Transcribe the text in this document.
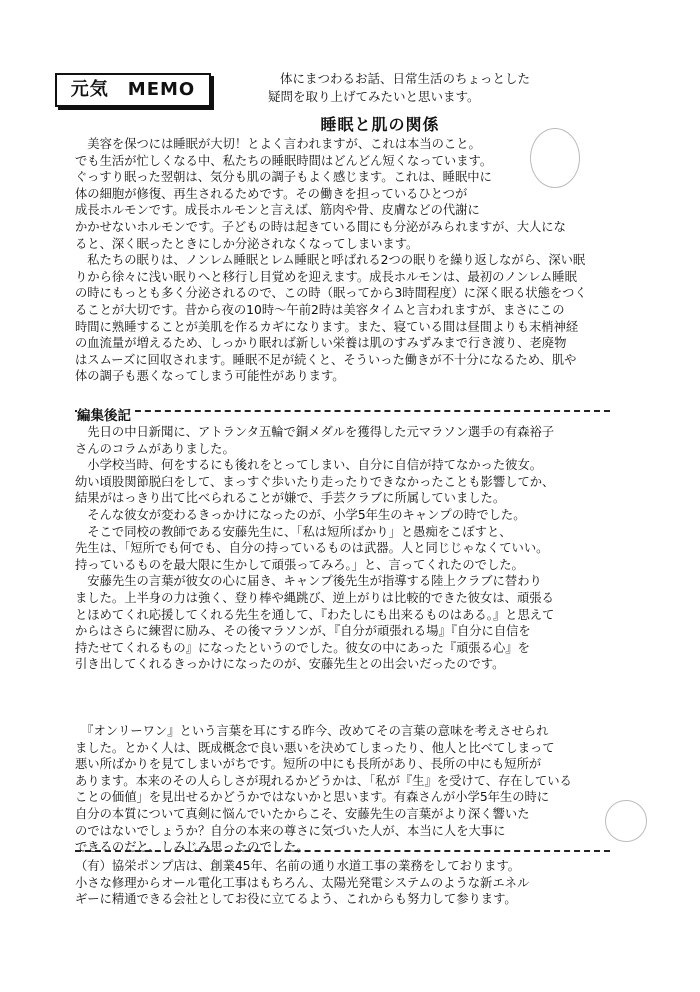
元気　MEMO
体にまつわるお話、日常生活のちょっとした
疑問を取り上げてみたいと思います。
睡眠と肌の関係
　美容を保つには睡眠が大切！とよく言われますが、これは本当のこと。
でも生活が忙しくなる中、私たちの睡眠時間はどんどん短くなっています。
ぐっすり眠った翌朝は、気分も肌の調子もよく感じます。これは、睡眠中に
体の細胞が修復、再生されるためです。その働きを担っているひとつが
成長ホルモンです。成長ホルモンと言えば、筋肉や骨、皮膚などの代謝に
かかせないホルモンです。子どもの時は起きている間にも分泌がみられますが、大人にな
ると、深く眠ったときにしか分泌されなくなってしまいます。
　私たちの眠りは、ノンレム睡眠とレム睡眠と呼ばれる2つの眠りを繰り返しながら、深い眠
りから徐々に浅い眠りへと移行し目覚めを迎えます。成長ホルモンは、最初のノンレム睡眠
の時にもっとも多く分泌されるので、この時（眠ってから3時間程度）に深く眠る状態をつく
ることが大切です。昔から夜の10時～午前2時は美容タイムと言われますが、まさにこの
時間に熟睡することが美肌を作るカギになります。また、寝ている間は昼間よりも末梢神経
の血流量が増えるため、しっかり眠れば新しい栄養は肌のすみずみまで行き渡り、老廃物
はスムーズに回収されます。睡眠不足が続くと、そういった働きが不十分になるため、肌や
体の調子も悪くなってしまう可能性があります。
編集後記
　先日の中日新聞に、アトランタ五輪で銅メダルを獲得した元マラソン選手の有森裕子
さんのコラムがありました。
　小学校当時、何をするにも後れをとってしまい、自分に自信が持てなかった彼女。
幼い頃股関節脱臼をして、まっすぐ歩いたり走ったりできなかったことも影響してか、
結果がはっきり出て比べられることが嫌で、手芸クラブに所属していました。
　そんな彼女が変わるきっかけになったのが、小学5年生のキャンプの時でした。
　そこで同校の教師である安藤先生に、「私は短所ばかり」と愚痴をこぼすと、
先生は、「短所でも何でも、自分の持っているものは武器。人と同じじゃなくていい。
持っているものを最大限に生かして頑張ってみろ。」と、言ってくれたのでした。
　安藤先生の言葉が彼女の心に届き、キャンプ後先生が指導する陸上クラブに替わり
ました。上半身の力は強く、登り棒や縄跳び、逆上がりは比較的できた彼女は、頑張る
とほめてくれ応援してくれる先生を通して、『わたしにも出来るものはある。』と思えて
からはさらに練習に励み、その後マラソンが、『自分が頑張れる場』『自分に自信を
持たせてくれるもの』になったというのでした。彼女の中にあった『頑張る心』を
引き出してくれるきっかけになったのが、安藤先生との出会いだったのです。
　『オンリーワン』という言葉を耳にする昨今、改めてその言葉の意味を考えさせられ
ました。とかく人は、既成概念で良い悪いを決めてしまったり、他人と比べてしまって
悪い所ばかりを見てしまいがちです。短所の中にも長所があり、長所の中にも短所が
あります。本来のその人らしさが現れるかどうかは、「私が『生』を受けて、存在している
ことの価値」を見出せるかどうかではないかと思います。有森さんが小学5年生の時に
自分の本質について真剣に悩んでいたからこそ、安藤先生の言葉がより深く響いた
のではないでしょうか？自分の本来の尊さに気づいた人が、本当に人を大事に
できるのだと、しみじみ思ったのでした。
（有）協栄ポンプ店は、創業45年、名前の通り水道工事の業務をしております。
小さな修理からオール電化工事はもちろん、太陽光発電システムのような新エネル
ギーに精通できる会社としてお役に立てるよう、これからも努力して参ります。
